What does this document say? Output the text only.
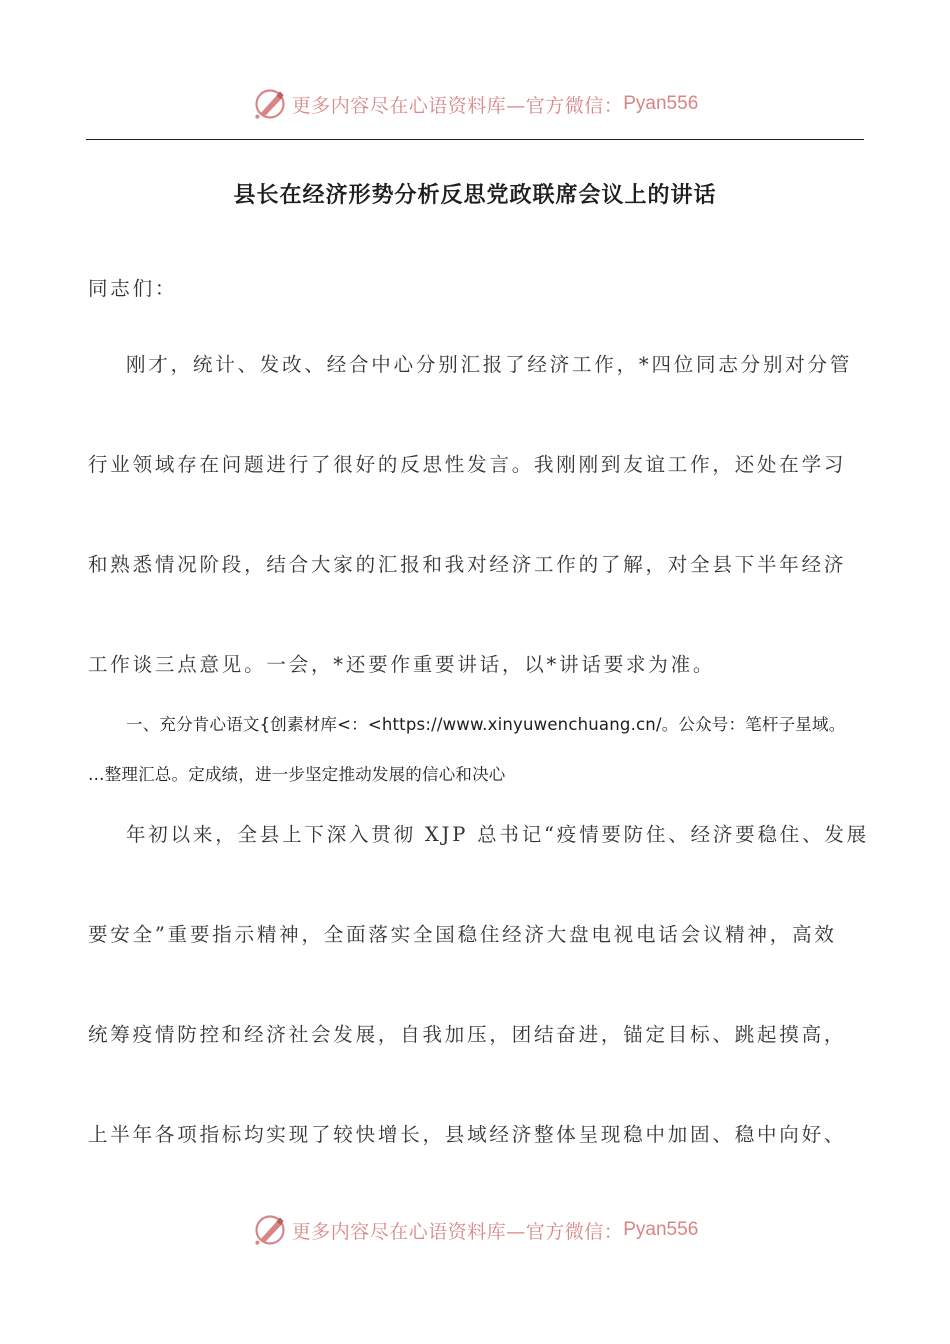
更多内容尽在心语资料库—官方微信： Pyan556
县长在经济形势分析反思党政联席会议上的讲话
同志们：
刚才，统计、发改、经合中心分别汇报了经济工作，*四位同志分别对分管
行业领域存在问题进行了很好的反思性发言。我刚刚到友谊工作，还处在学习
和熟悉情况阶段，结合大家的汇报和我对经济工作的了解，对全县下半年经济
工作谈三点意见。一会，*还要作重要讲话，以*讲话要求为准。
一、充分肯心语文{创素材库<：<https://www.xinyuwenchuang.cn/。公众号：笔杆子星域。
…整理汇总。定成绩，进一步坚定推动发展的信心和决心
年初以来，全县上下深入贯彻 XJP 总书记“疫情要防住、经济要稳住、发展
要安全”重要指示精神，全面落实全国稳住经济大盘电视电话会议精神，高效
统筹疫情防控和经济社会发展，自我加压，团结奋进，锚定目标、跳起摸高，
上半年各项指标均实现了较快增长，县域经济整体呈现稳中加固、稳中向好、
更多内容尽在心语资料库—官方微信： Pyan556
